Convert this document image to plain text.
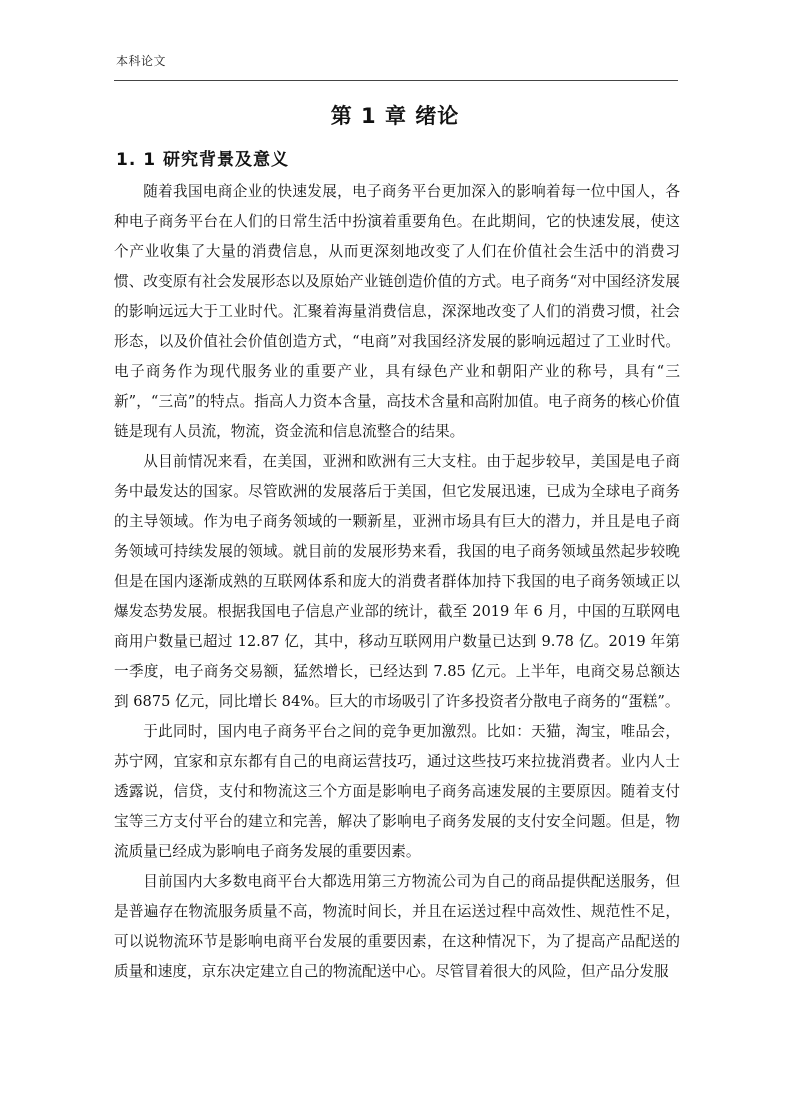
本科论文
第 1 章 绪论
1. 1 研究背景及意义

随着我国电商企业的快速发展，电子商务平台更加深入的影响着每一位中国人，各种电子商务平台在人们的日常生活中扮演着重要角色。在此期间，它的快速发展，使这个产业收集了大量的消费信息，从而更深刻地改变了人们在价值社会生活中的消费习惯、改变原有社会发展形态以及原始产业链创造价值的方式。电子商务“对中国经济发展的影响远远大于工业时代。汇聚着海量消费信息，深深地改变了人们的消费习惯，社会形态，以及价值社会价值创造方式，“电商”对我国经济发展的影响远超过了工业时代。电子商务作为现代服务业的重要产业，具有绿色产业和朝阳产业的称号，具有“三新”，“三高”的特点。指高人力资本含量，高技术含量和高附加值。电子商务的核心价值链是现有人员流，物流，资金流和信息流整合的结果。

从目前情况来看，在美国，亚洲和欧洲有三大支柱。由于起步较早，美国是电子商务中最发达的国家。尽管欧洲的发展落后于美国，但它发展迅速，已成为全球电子商务的主导领域。作为电子商务领域的一颗新星，亚洲市场具有巨大的潜力，并且是电子商务领域可持续发展的领域。就目前的发展形势来看，我国的电子商务领域虽然起步较晚但是在国内逐渐成熟的互联网体系和庞大的消费者群体加持下我国的电子商务领域正以爆发态势发展。根据我国电子信息产业部的统计，截至 2019 年 6 月，中国的互联网电商用户数量已超过 12.87 亿，其中，移动互联网用户数量已达到 9.78 亿。2019 年第一季度，电子商务交易额，猛然增长，已经达到 7.85 亿元。上半年，电商交易总额达到 6875 亿元，同比增长 84%。巨大的市场吸引了许多投资者分散电子商务的“蛋糕”。

于此同时，国内电子商务平台之间的竞争更加激烈。比如：天猫，淘宝，唯品会，苏宁网，宜家和京东都有自己的电商运营技巧，通过这些技巧来拉拢消费者。业内人士透露说，信贷，支付和物流这三个方面是影响电子商务高速发展的主要原因。随着支付宝等三方支付平台的建立和完善，解决了影响电子商务发展的支付安全问题。但是，物流质量已经成为影响电子商务发展的重要因素。

目前国内大多数电商平台大都选用第三方物流公司为自己的商品提供配送服务，但是普遍存在物流服务质量不高，物流时间长，并且在运送过程中高效性、规范性不足，可以说物流环节是影响电商平台发展的重要因素，在这种情况下，为了提高产品配送的质量和速度，京东决定建立自己的物流配送中心。尽管冒着很大的风险，但产品分发服
